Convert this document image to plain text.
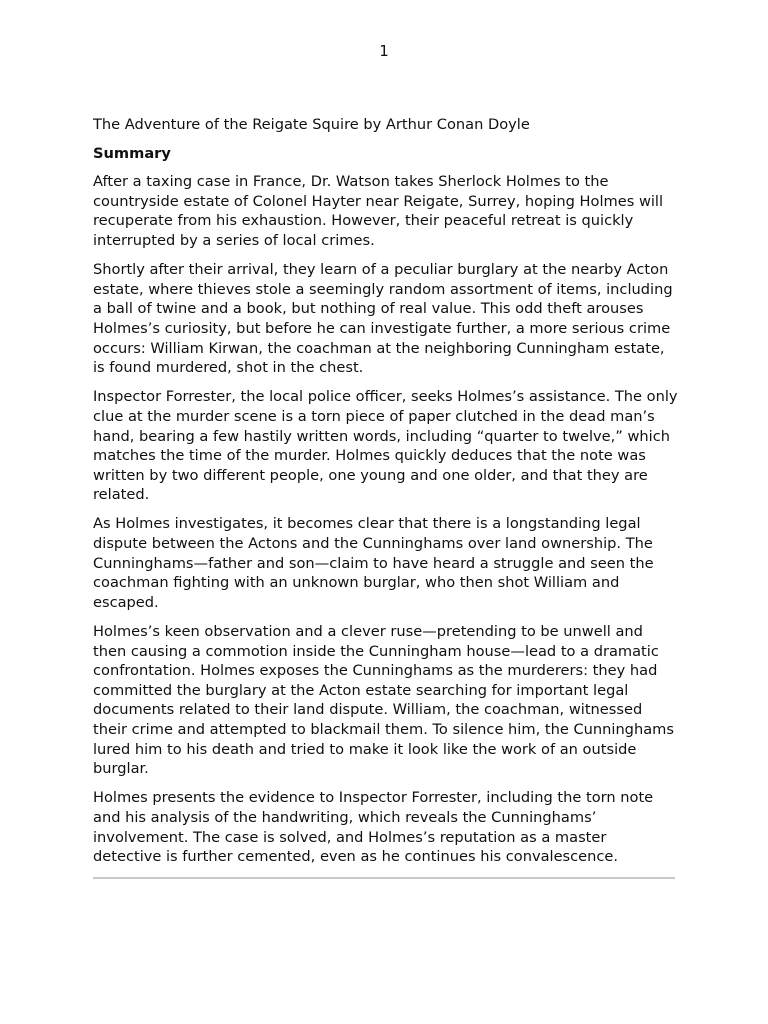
1
The Adventure of the Reigate Squire by Arthur Conan Doyle
Summary

After a taxing case in France, Dr. Watson takes Sherlock Holmes to the countryside estate of Colonel Hayter near Reigate, Surrey, hoping Holmes will recuperate from his exhaustion. However, their peaceful retreat is quickly interrupted by a series of local crimes.

Shortly after their arrival, they learn of a peculiar burglary at the nearby Acton estate, where thieves stole a seemingly random assortment of items, including a ball of twine and a book, but nothing of real value. This odd theft arouses Holmes’s curiosity, but before he can investigate further, a more serious crime occurs: William Kirwan, the coachman at the neighboring Cunningham estate, is found murdered, shot in the chest.

Inspector Forrester, the local police officer, seeks Holmes’s assistance. The only clue at the murder scene is a torn piece of paper clutched in the dead man’s hand, bearing a few hastily written words, including “quarter to twelve,” which matches the time of the murder. Holmes quickly deduces that the note was written by two different people, one young and one older, and that they are related.

As Holmes investigates, it becomes clear that there is a longstanding legal dispute between the Actons and the Cunninghams over land ownership. The Cunninghams—father and son—claim to have heard a struggle and seen the coachman fighting with an unknown burglar, who then shot William and escaped.

Holmes’s keen observation and a clever ruse—pretending to be unwell and then causing a commotion inside the Cunningham house—lead to a dramatic confrontation. Holmes exposes the Cunninghams as the murderers: they had committed the burglary at the Acton estate searching for important legal documents related to their land dispute. William, the coachman, witnessed their crime and attempted to blackmail them. To silence him, the Cunninghams lured him to his death and tried to make it look like the work of an outside burglar.

Holmes presents the evidence to Inspector Forrester, including the torn note and his analysis of the handwriting, which reveals the Cunninghams’ involvement. The case is solved, and Holmes’s reputation as a master detective is further cemented, even as he continues his convalescence.
